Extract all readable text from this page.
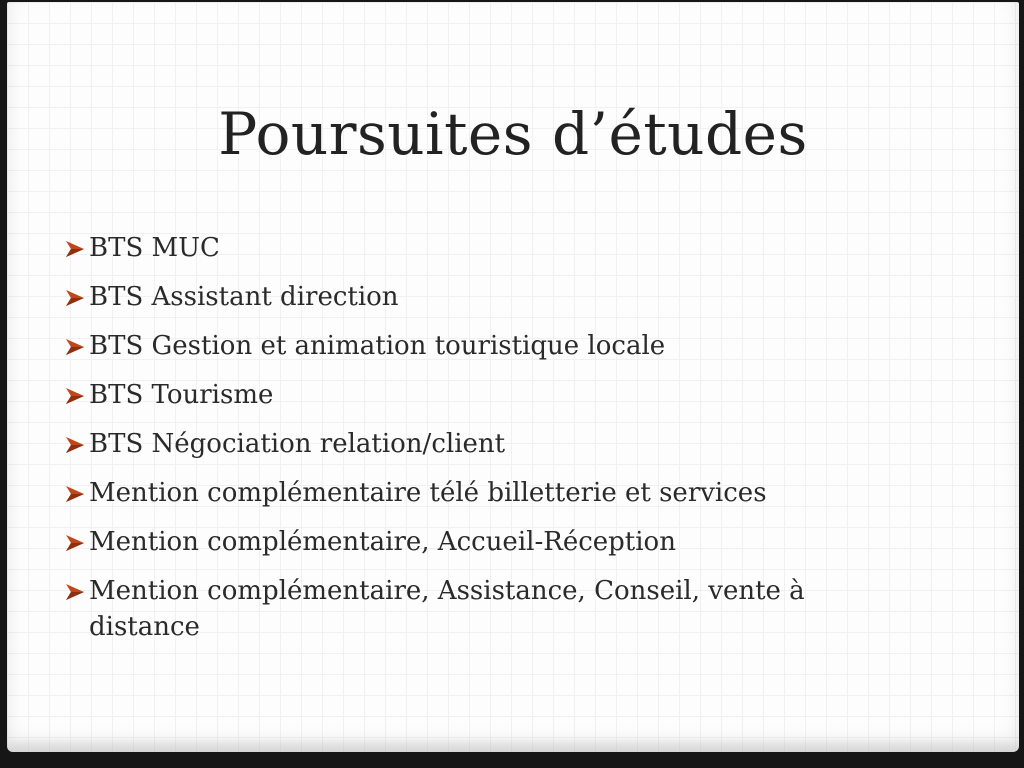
Poursuites d’études
BTS MUC
BTS Assistant direction
BTS Gestion et animation touristique locale
BTS Tourisme
BTS Négociation relation/client
Mention complémentaire télé billetterie et services
Mention complémentaire, Accueil-Réception
Mention complémentaire, Assistance, Conseil, vente à distance
